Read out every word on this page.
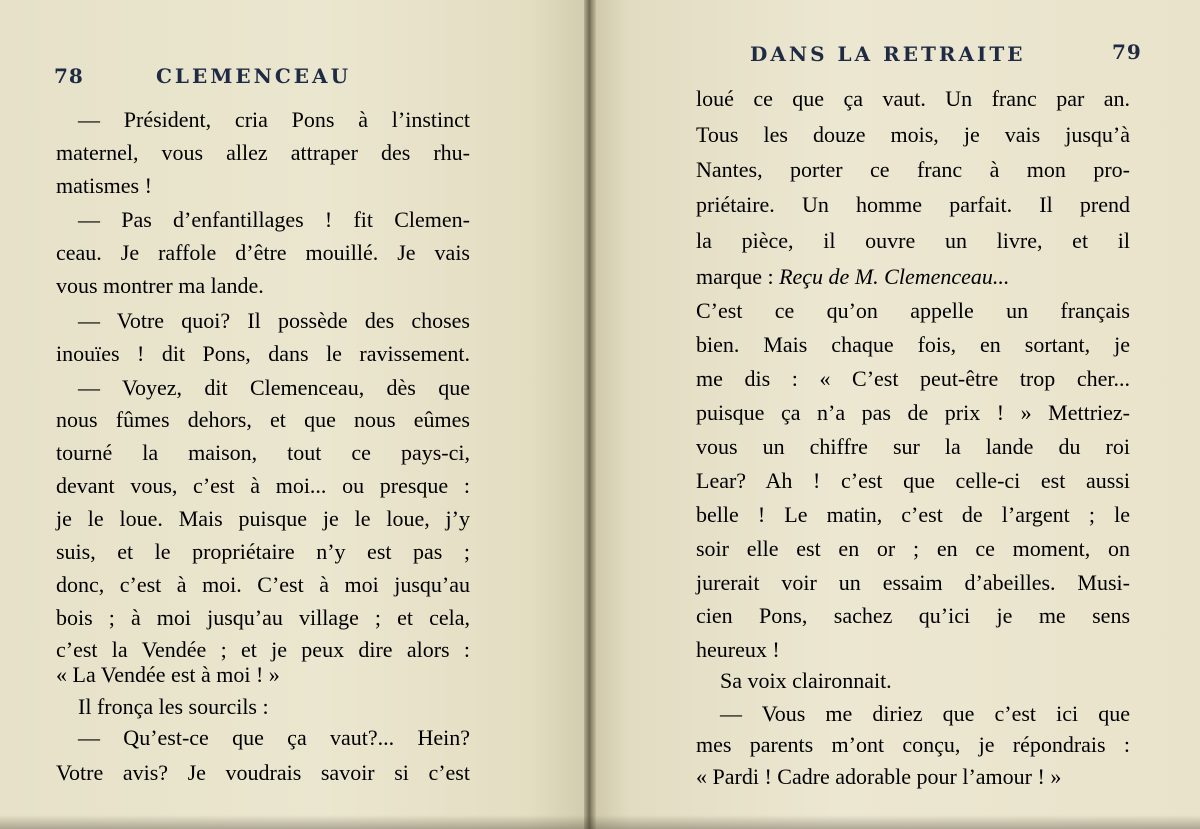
78	CLEMENCEAU
DANS LA RETRAITE	79
— Président, cria Pons à l’instinct
maternel, vous allez attraper des rhu-
matismes !
— Pas d’enfantillages ! fit Clemen-
ceau. Je raffole d’être mouillé. Je vais
vous montrer ma lande.
— Votre quoi? Il possède des choses
inouïes ! dit Pons, dans le ravissement.
— Voyez, dit Clemenceau, dès que
nous fûmes dehors, et que nous eûmes
tourné la maison, tout ce pays-ci,
devant vous, c’est à moi... ou presque :
je le loue. Mais puisque je le loue, j’y
suis, et le propriétaire n’y est pas ;
donc, c’est à moi. C’est à moi jusqu’au
bois ; à moi jusqu’au village ; et cela,
c’est la Vendée ; et je peux dire alors :
« La Vendée est à moi ! »
Il fronça les sourcils :
— Qu’est-ce que ça vaut?... Hein?
Votre avis? Je voudrais savoir si c’est
loué ce que ça vaut. Un franc par an.
Tous les douze mois, je vais jusqu’à
Nantes, porter ce franc à mon pro-
priétaire. Un homme parfait. Il prend
la pièce, il ouvre un livre, et il
marque : Reçu de M. Clemenceau...
C’est ce qu’on appelle un français
bien. Mais chaque fois, en sortant, je
me dis : « C’est peut-être trop cher...
puisque ça n’a pas de prix ! » Mettriez-
vous un chiffre sur la lande du roi
Lear? Ah ! c’est que celle-ci est aussi
belle ! Le matin, c’est de l’argent ; le
soir elle est en or ; en ce moment, on
jurerait voir un essaim d’abeilles. Musi-
cien Pons, sachez qu’ici je me sens
heureux !
Sa voix claironnait.
— Vous me diriez que c’est ici que
mes parents m’ont conçu, je répondrais :
« Pardi ! Cadre adorable pour l’amour ! »
